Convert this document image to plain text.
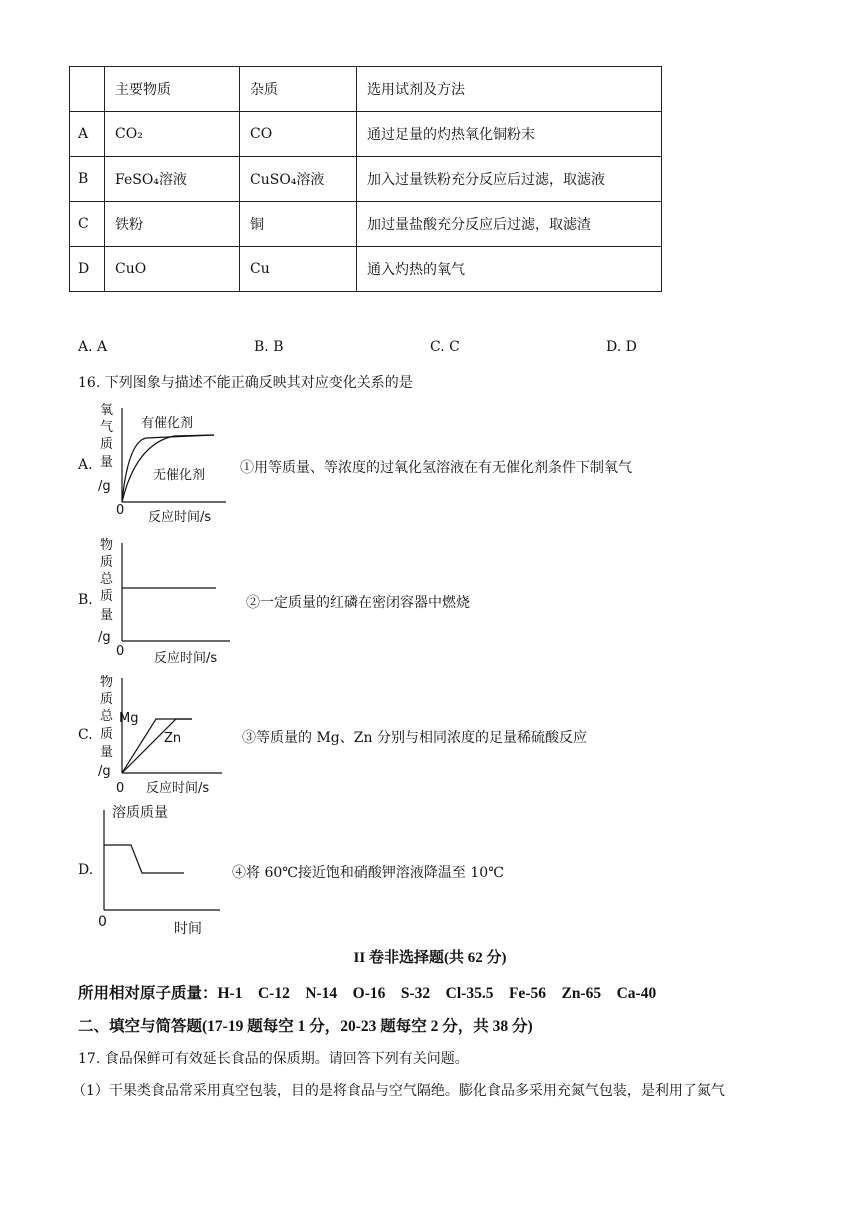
	主要物质	杂质	选用试剂及方法
A	CO₂	CO	通过足量的灼热氧化铜粉末
B	FeSO₄溶液	CuSO₄溶液	加入过量铁粉充分反应后过滤，取滤液
C	铁粉	铜	加过量盐酸充分反应后过滤，取滤渣
D	CuO	Cu	通入灼热的氧气
A. A	B. B	C. C	D. D
16. 下列图象与描述不能正确反映其对应变化关系的是
A.
氧
气
质
量
/g
0 反应时间/s
有催化剂
无催化剂 ①用等质量、等浓度的过氧化氢溶液在有无催化剂条件下制氧气
B.
物
质
总
质
量
/g
0 反应时间/s
②一定质量的红磷在密闭容器中燃烧
C.
物
质
总
质
量
/g
0 反应时间/s
Mg
Zn	③等质量的 Mg、Zn 分别与相同浓度的足量稀硫酸反应
D.
溶质质量
0	时间
④将 60℃接近饱和硝酸钾溶液降温至 10℃
II 卷非选择题(共 62 分)
所用相对原子质量：H-1　C-12　N-14　O-16　S-32　Cl-35.5　Fe-56　Zn-65　Ca-40
二、填空与简答题(17-19 题每空 1 分，20-23 题每空 2 分，共 38 分)
17. 食品保鲜可有效延长食品的保质期。请回答下列有关问题。
（1）干果类食品常采用真空包装，目的是将食品与空气隔绝。膨化食品多采用充氮气包装，是利用了氮气
